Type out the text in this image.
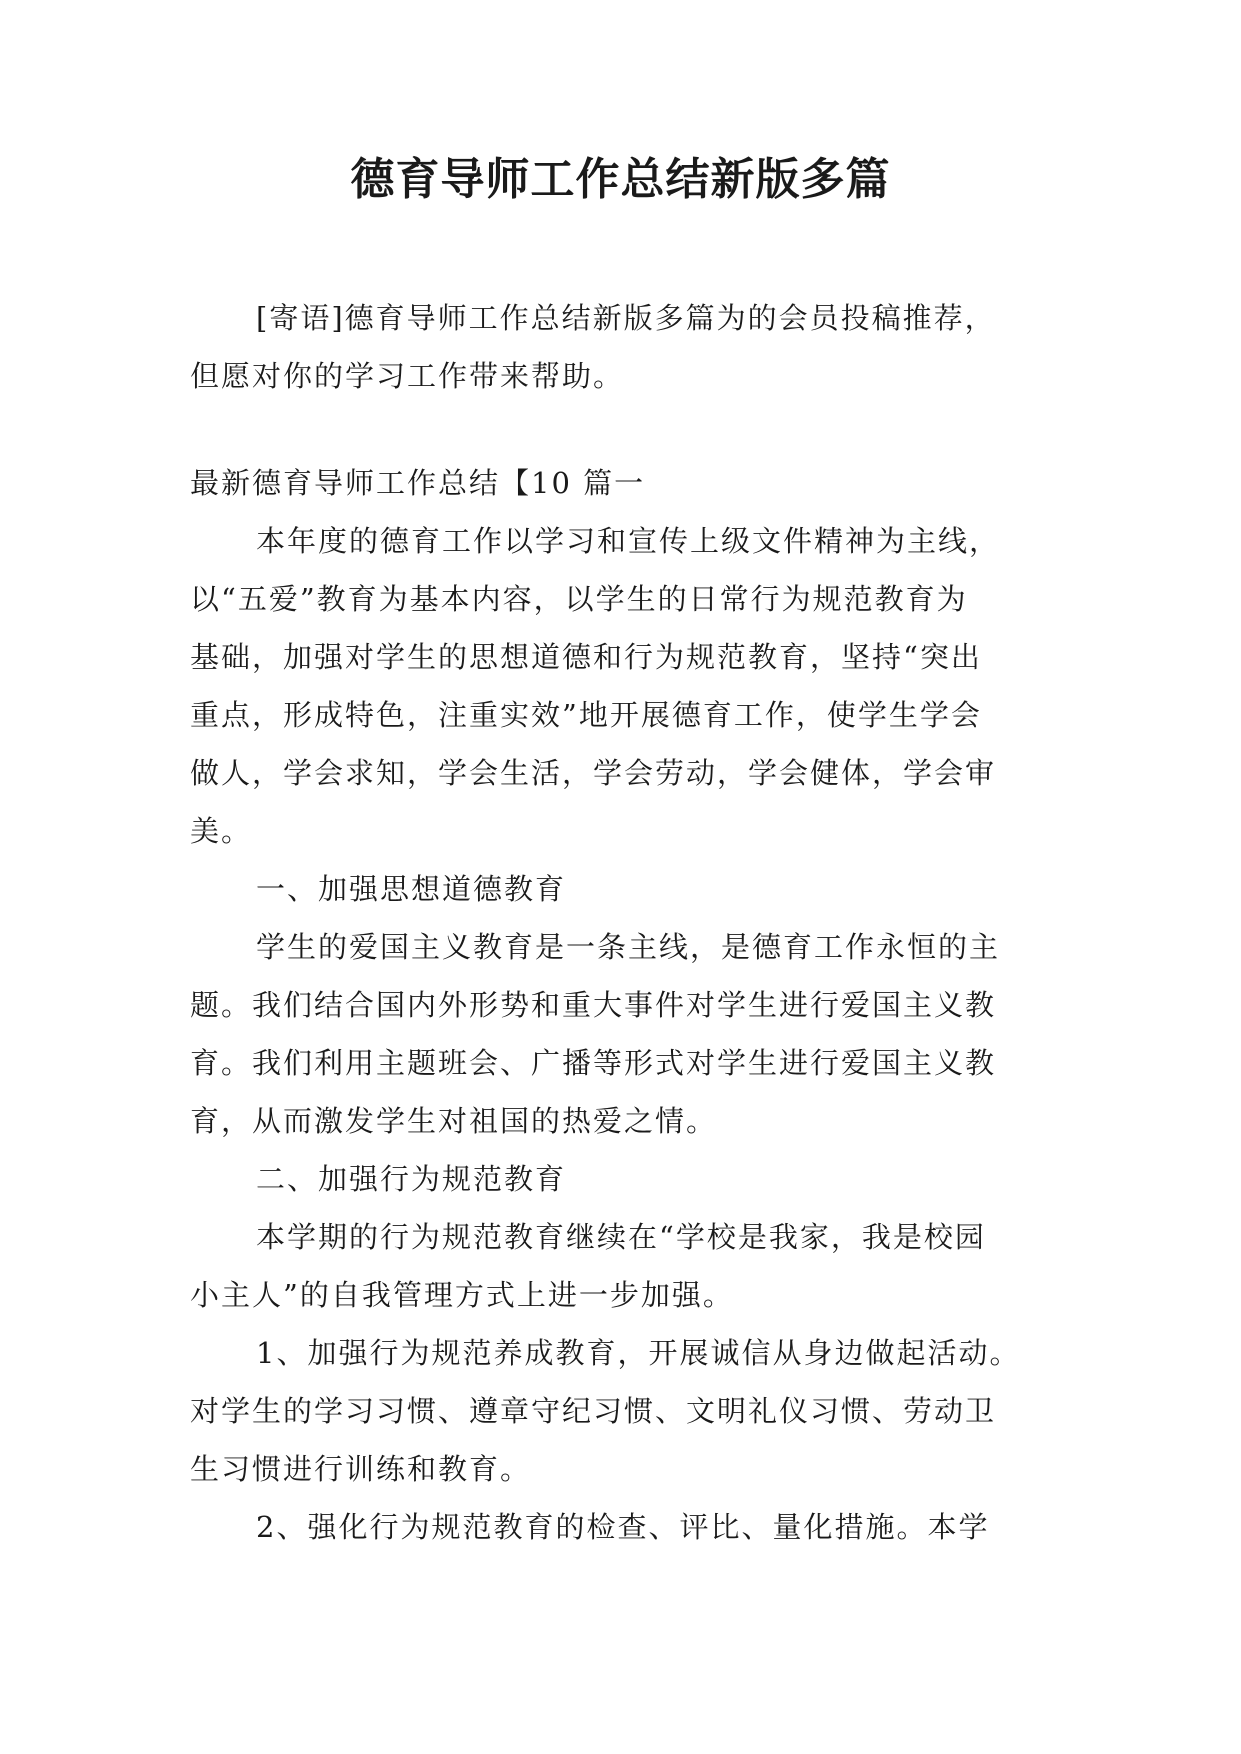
德育导师工作总结新版多篇
[寄语]德育导师工作总结新版多篇为的会员投稿推荐，
但愿对你的学习工作带来帮助。
最新德育导师工作总结【10 篇一
本年度的德育工作以学习和宣传上级文件精神为主线，
以“五爱”教育为基本内容，以学生的日常行为规范教育为
基础，加强对学生的思想道德和行为规范教育，坚持“突出
重点，形成特色，注重实效”地开展德育工作，使学生学会
做人，学会求知，学会生活，学会劳动，学会健体，学会审
美。
一、加强思想道德教育
学生的爱国主义教育是一条主线，是德育工作永恒的主
题。我们结合国内外形势和重大事件对学生进行爱国主义教
育。我们利用主题班会、广播等形式对学生进行爱国主义教
育，从而激发学生对祖国的热爱之情。
二、加强行为规范教育
本学期的行为规范教育继续在“学校是我家，我是校园
小主人”的自我管理方式上进一步加强。
1、加强行为规范养成教育，开展诚信从身边做起活动。
对学生的学习习惯、遵章守纪习惯、文明礼仪习惯、劳动卫
生习惯进行训练和教育。
2、强化行为规范教育的检查、评比、量化措施。本学
